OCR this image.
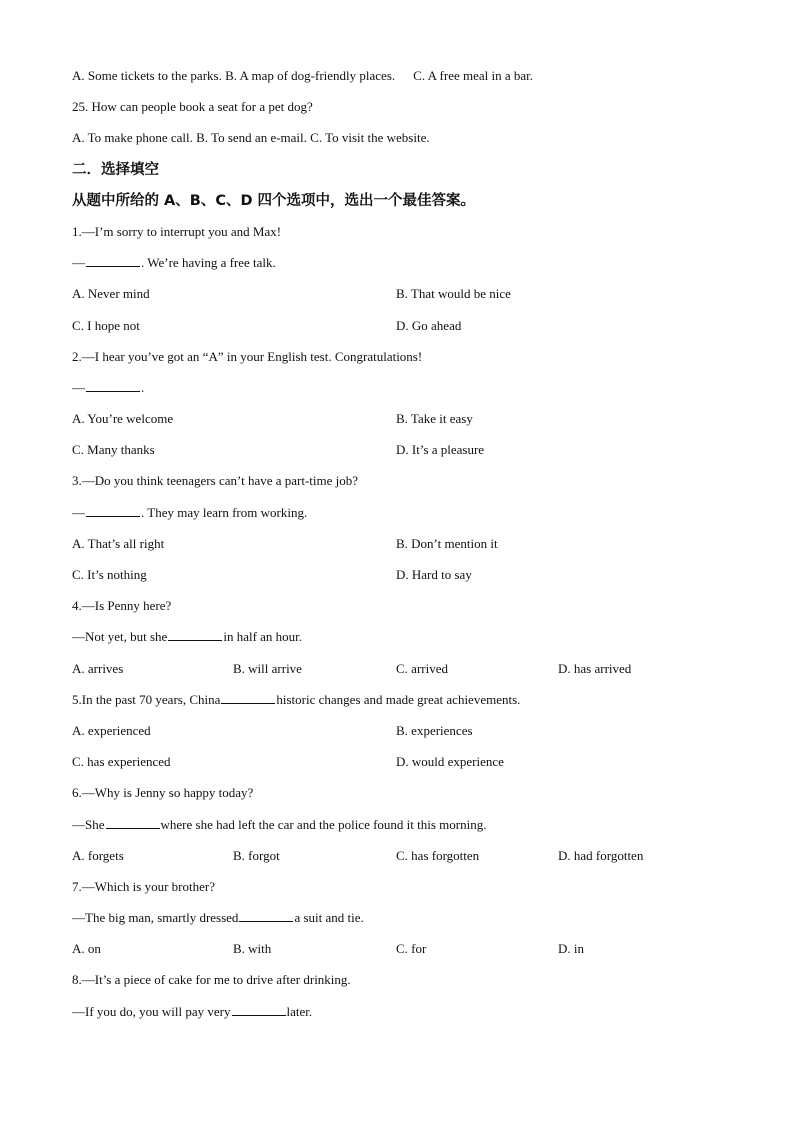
A. Some tickets to the parks. B. A map of dog-friendly places. C. A free meal in a bar.
25. How can people book a seat for a pet dog?
A. To make phone call. B. To send an e-mail. C. To visit the website.
二．选择填空
从题中所给的 A、B、C、D 四个选项中，选出一个最佳答案。
1.—I’m sorry to interrupt you and Max!
—	. We’re having a free talk.
A. Never mind	B. That would be nice
C. I hope not	D. Go ahead
2.—I hear you’ve got an “A” in your English test. Congratulations!
—	.
A. You’re welcome	B. Take it easy
C. Many thanks	D. It’s a pleasure
3.—Do you think teenagers can’t have a part-time job?
—	. They may learn from working.
A. That’s all right	B. Don’t mention it
C. It’s nothing	D. Hard to say
4.—Is Penny here?
—Not yet, but she	in half an hour.
A. arrives	B. will arrive	C. arrived	D. has arrived
5.In the past 70 years, China	historic changes and made great achievements.
A. experienced	B. experiences
C. has experienced	D. would experience
6.—Why is Jenny so happy today?
—She	where she had left the car and the police found it this morning.
A. forgets	B. forgot	C. has forgotten	D. had forgotten
7.—Which is your brother?
—The big man, smartly dressed	a suit and tie.
A. on	B. with	C. for	D. in
8.—It’s a piece of cake for me to drive after drinking.
—If you do, you will pay very	later.
